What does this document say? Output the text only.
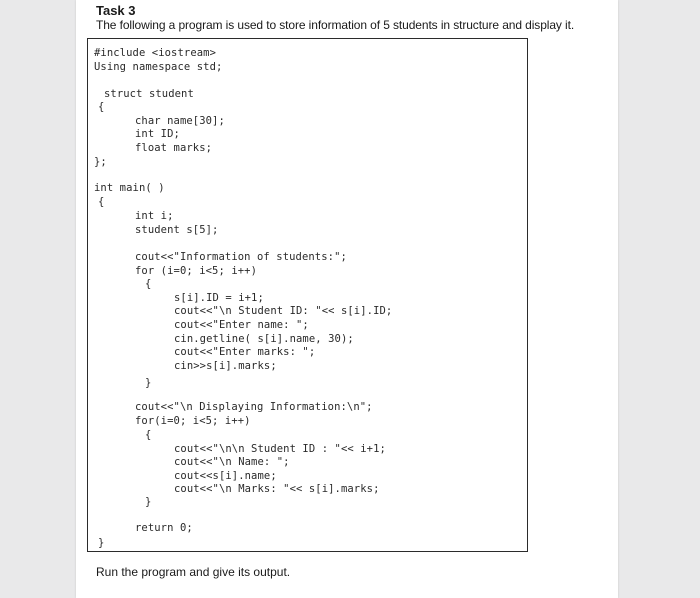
Task 3
The following a program is used to store information of 5 students in structure and display it.
#include <iostream>
Using namespace std;
struct student
{
char name[30];
int ID;
float marks;
};
int main( )
{
int i;
student s[5];
cout<<"Information of students:";
for (i=0; i<5; i++)
{
s[i].ID = i+1;
cout<<"\n Student ID: "<< s[i].ID;
cout<<"Enter name: ";
cin.getline( s[i].name, 30);
cout<<"Enter marks: ";
cin>>s[i].marks;
}
cout<<"\n Displaying Information:\n";
for(i=0; i<5; i++)
{
cout<<"\n\n Student ID : "<< i+1;
cout<<"\n Name: ";
cout<<s[i].name;
cout<<"\n Marks: "<< s[i].marks;
}
return 0;
}
Run the program and give its output.
